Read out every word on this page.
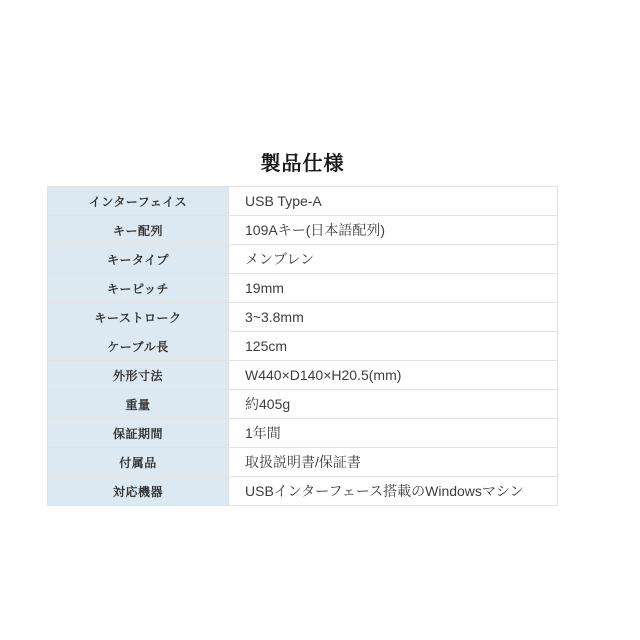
製品仕様
インターフェイス	USB Type-A
キー配列	109Aキー(日本語配列)
キータイプ	メンブレン
キーピッチ	19mm
キーストローク	3~3.8mm
ケーブル長	125cm
外形寸法	W440×D140×H20.5(mm)
重量	約405g
保証期間	1年間
付属品	取扱説明書/保証書
対応機器	USBインターフェース搭載のWindowsマシン
